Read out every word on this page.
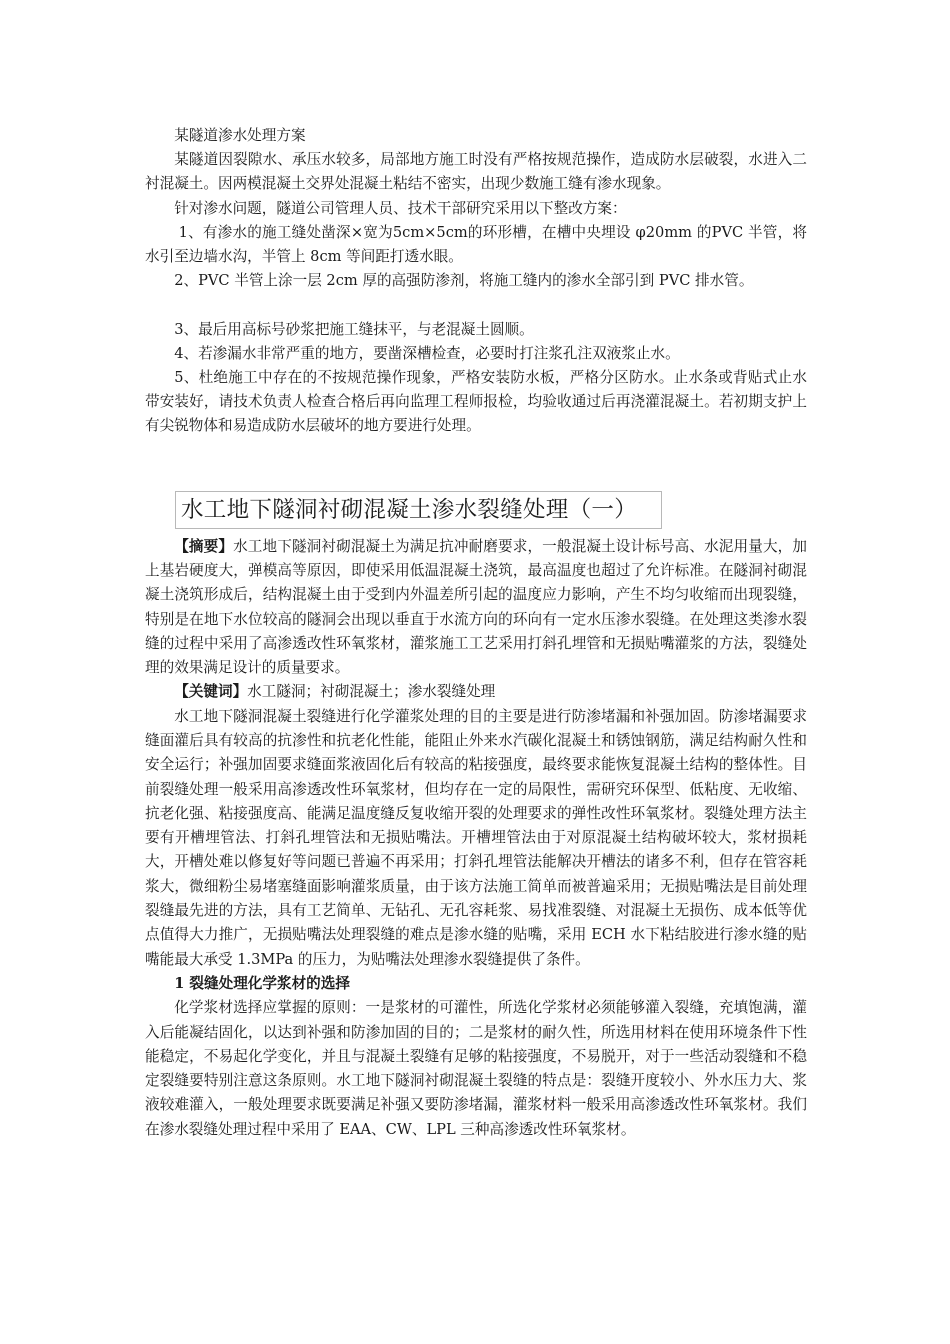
某隧道渗水处理方案

某隧道因裂隙水、承压水较多，局部地方施工时没有严格按规范操作，造成防水层破裂，水进入二衬混凝土。因两模混凝土交界处混凝土粘结不密实，出现少数施工缝有渗水现象。

针对渗水问题，隧道公司管理人员、技术干部研究采用以下整改方案：

1、有渗水的施工缝处凿深×宽为5cm×5cm的环形槽，在槽中央埋设 φ20mm 的PVC 半管，将水引至边墙水沟，半管上 8cm 等间距打透水眼。

2、PVC 半管上涂一层 2cm 厚的高强防渗剂，将施工缝内的渗水全部引到 PVC 排水管。

3、最后用高标号砂浆把施工缝抹平，与老混凝土圆顺。

4、若渗漏水非常严重的地方，要凿深槽检查，必要时打注浆孔注双液浆止水。

5、杜绝施工中存在的不按规范操作现象，严格安装防水板，严格分区防水。止水条或背贴式止水带安装好，请技术负责人检查合格后再向监理工程师报检，均验收通过后再浇灌混凝土。若初期支护上有尖锐物体和易造成防水层破坏的地方要进行处理。

水工地下隧洞衬砌混凝土渗水裂缝处理（一）

【摘要】水工地下隧洞衬砌混凝土为满足抗冲耐磨要求，一般混凝土设计标号高、水泥用量大，加上基岩硬度大，弹模高等原因，即使采用低温混凝土浇筑，最高温度也超过了允许标准。在隧洞衬砌混凝土浇筑形成后，结构混凝土由于受到内外温差所引起的温度应力影响，产生不均匀收缩而出现裂缝，特别是在地下水位较高的隧洞会出现以垂直于水流方向的环向有一定水压渗水裂缝。在处理这类渗水裂缝的过程中采用了高渗透改性环氧浆材，灌浆施工工艺采用打斜孔埋管和无损贴嘴灌浆的方法，裂缝处理的效果满足设计的质量要求。

【关键词】水工隧洞；衬砌混凝土；渗水裂缝处理

水工地下隧洞混凝土裂缝进行化学灌浆处理的目的主要是进行防渗堵漏和补强加固。防渗堵漏要求缝面灌后具有较高的抗渗性和抗老化性能，能阻止外来水汽碳化混凝土和锈蚀钢筋，满足结构耐久性和安全运行；补强加固要求缝面浆液固化后有较高的粘接强度，最终要求能恢复混凝土结构的整体性。目前裂缝处理一般采用高渗透改性环氧浆材，但均存在一定的局限性，需研究环保型、低粘度、无收缩、抗老化强、粘接强度高、能满足温度缝反复收缩开裂的处理要求的弹性改性环氧浆材。裂缝处理方法主要有开槽埋管法、打斜孔埋管法和无损贴嘴法。开槽埋管法由于对原混凝土结构破坏较大，浆材损耗大，开槽处难以修复好等问题已普遍不再采用；打斜孔埋管法能解决开槽法的诸多不利，但存在管容耗浆大，微细粉尘易堵塞缝面影响灌浆质量，由于该方法施工简单而被普遍采用；无损贴嘴法是目前处理裂缝最先进的方法，具有工艺简单、无钻孔、无孔容耗浆、易找准裂缝、对混凝土无损伤、成本低等优点值得大力推广，无损贴嘴法处理裂缝的难点是渗水缝的贴嘴，采用 ECH 水下粘结胶进行渗水缝的贴嘴能最大承受 1.3MPa 的压力，为贴嘴法处理渗水裂缝提供了条件。

1 裂缝处理化学浆材的选择

化学浆材选择应掌握的原则：一是浆材的可灌性，所选化学浆材必须能够灌入裂缝，充填饱满，灌入后能凝结固化，以达到补强和防渗加固的目的；二是浆材的耐久性，所选用材料在使用环境条件下性能稳定，不易起化学变化，并且与混凝土裂缝有足够的粘接强度，不易脱开，对于一些活动裂缝和不稳定裂缝要特别注意这条原则。水工地下隧洞衬砌混凝土裂缝的特点是：裂缝开度较小、外水压力大、浆液较难灌入，一般处理要求既要满足补强又要防渗堵漏，灌浆材料一般采用高渗透改性环氧浆材。我们在渗水裂缝处理过程中采用了 EAA、CW、LPL 三种高渗透改性环氧浆材。
